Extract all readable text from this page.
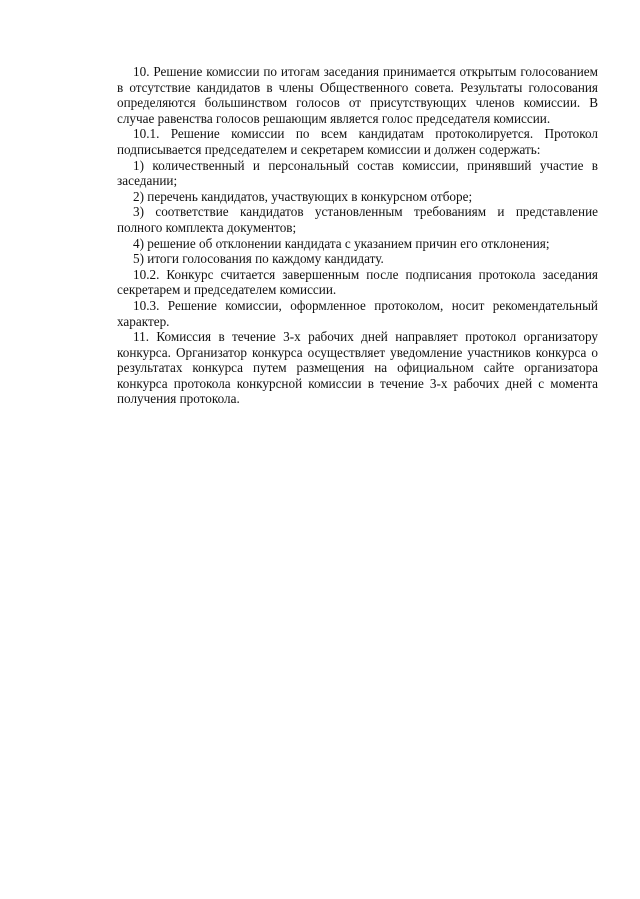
10. Решение комиссии по итогам заседания принимается открытым голосованием в отсутствие кандидатов в члены Общественного совета. Результаты голосования определяются большинством голосов от присутствующих членов комиссии. В случае равенства голосов решающим является голос председателя комиссии.

10.1. Решение комиссии по всем кандидатам протоколируется. Протокол подписывается председателем и секретарем комиссии и должен содержать:

1) количественный и персональный состав комиссии, принявший участие в заседании;

2) перечень кандидатов, участвующих в конкурсном отборе;

3) соответствие кандидатов установленным требованиям и представление полного комплекта документов;

4) решение об отклонении кандидата с указанием причин его отклонения;

5) итоги голосования по каждому кандидату.

10.2. Конкурс считается завершенным после подписания протокола заседания секретарем и председателем комиссии.

10.3. Решение комиссии, оформленное протоколом, носит рекомендательный характер.

11. Комиссия в течение 3-х рабочих дней направляет протокол организатору конкурса. Организатор конкурса осуществляет уведомление участников конкурса о результатах конкурса путем размещения на официальном сайте организатора конкурса протокола конкурсной комиссии в течение 3-х рабочих дней с момента получения протокола.
